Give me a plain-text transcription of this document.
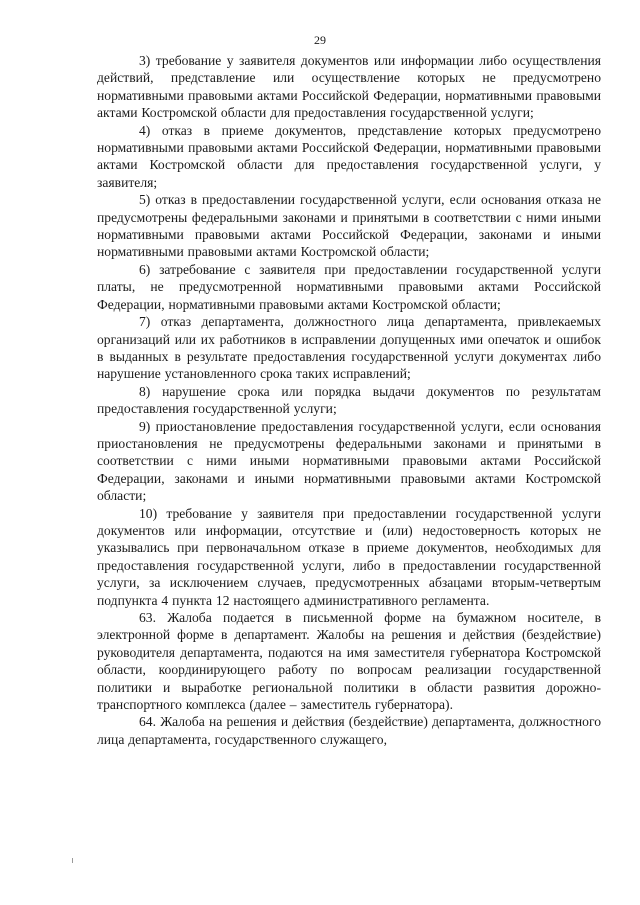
29

3) требование у заявителя документов или информации либо осуществления действий, представление или осуществление которых не предусмотрено нормативными правовыми актами Российской Федерации, нормативными правовыми актами Костромской области для предоставления государственной услуги;

4) отказ в приеме документов, представление которых предусмотрено нормативными правовыми актами Российской Федерации, нормативными правовыми актами Костромской области для предоставления государственной услуги, у заявителя;

5) отказ в предоставлении государственной услуги, если основания отказа не предусмотрены федеральными законами и принятыми в соответствии с ними иными нормативными правовыми актами Российской Федерации, законами и иными нормативными правовыми актами Костромской области;

6) затребование с заявителя при предоставлении государственной услуги платы, не предусмотренной нормативными правовыми актами Российской Федерации, нормативными правовыми актами Костромской области;

7) отказ департамента, должностного лица департамента, привлекаемых организаций или их работников в исправлении допущенных ими опечаток и ошибок в выданных в результате предоставления государственной услуги документах либо нарушение установленного срока таких исправлений;

8) нарушение срока или порядка выдачи документов по результатам предоставления государственной услуги;

9) приостановление предоставления государственной услуги, если основания приостановления не предусмотрены федеральными законами и принятыми в соответствии с ними иными нормативными правовыми актами Российской Федерации, законами и иными нормативными правовыми актами Костромской области;

10) требование у заявителя при предоставлении государственной услуги документов или информации, отсутствие и (или) недостоверность которых не указывались при первоначальном отказе в приеме документов, необходимых для предоставления государственной услуги, либо в предоставлении государственной услуги, за исключением случаев, предусмотренных абзацами вторым-четвертым подпункта 4 пункта 12 настоящего административного регламента.

63. Жалоба подается в письменной форме на бумажном носителе, в электронной форме в департамент. Жалобы на решения и действия (бездействие) руководителя департамента, подаются на имя заместителя губернатора Костромской области, координирующего работу по вопросам реализации государственной политики и выработке региональной политики в области развития дорожно-транспортного комплекса (далее – заместитель губернатора).

64. Жалоба на решения и действия (бездействие) департамента, должностного лица департамента, государственного служащего,
